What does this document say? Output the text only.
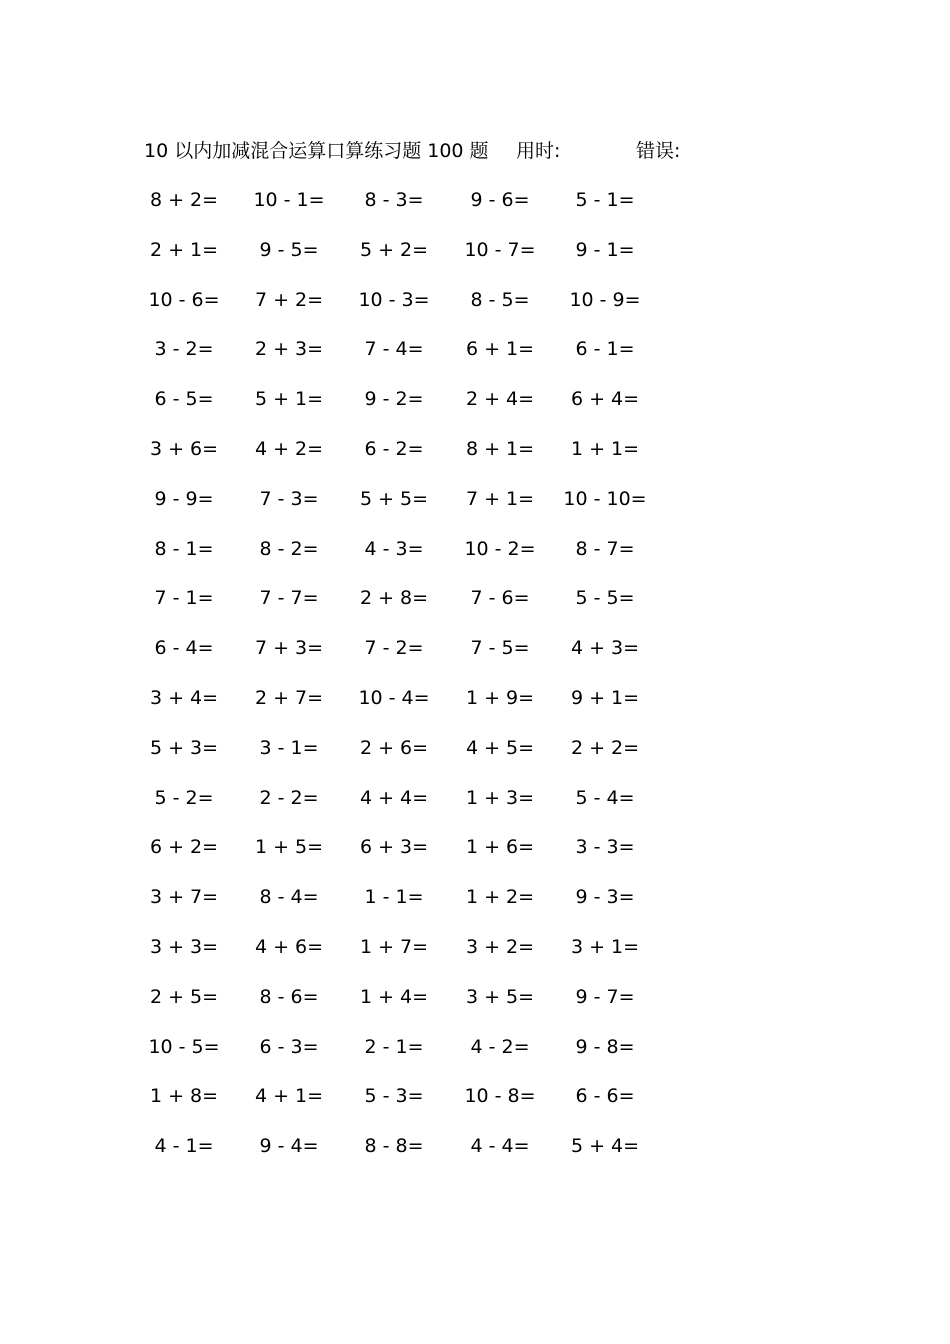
10 以内加减混合运算口算练习题 100 题 用时:	错误:
8 + 2=	10 - 1=	8 - 3=	9 - 6=	5 - 1=
2 + 1=	9 - 5=	5 + 2=	10 - 7=	9 - 1=
10 - 6=	7 + 2=	10 - 3=	8 - 5=	10 - 9=
3 - 2=	2 + 3=	7 - 4=	6 + 1=	6 - 1=
6 - 5=	5 + 1=	9 - 2=	2 + 4=	6 + 4=
3 + 6=	4 + 2=	6 - 2=	8 + 1=	1 + 1=
9 - 9=	7 - 3=	5 + 5=	7 + 1=	10 - 10=
8 - 1=	8 - 2=	4 - 3=	10 - 2=	8 - 7=
7 - 1=	7 - 7=	2 + 8=	7 - 6=	5 - 5=
6 - 4=	7 + 3=	7 - 2=	7 - 5=	4 + 3=
3 + 4=	2 + 7=	10 - 4=	1 + 9=	9 + 1=
5 + 3=	3 - 1=	2 + 6=	4 + 5=	2 + 2=
5 - 2=	2 - 2=	4 + 4=	1 + 3=	5 - 4=
6 + 2=	1 + 5=	6 + 3=	1 + 6=	3 - 3=
3 + 7=	8 - 4=	1 - 1=	1 + 2=	9 - 3=
3 + 3=	4 + 6=	1 + 7=	3 + 2=	3 + 1=
2 + 5=	8 - 6=	1 + 4=	3 + 5=	9 - 7=
10 - 5=	6 - 3=	2 - 1=	4 - 2=	9 - 8=
1 + 8=	4 + 1=	5 - 3=	10 - 8=	6 - 6=
4 - 1=	9 - 4=	8 - 8=	4 - 4=	5 + 4=
